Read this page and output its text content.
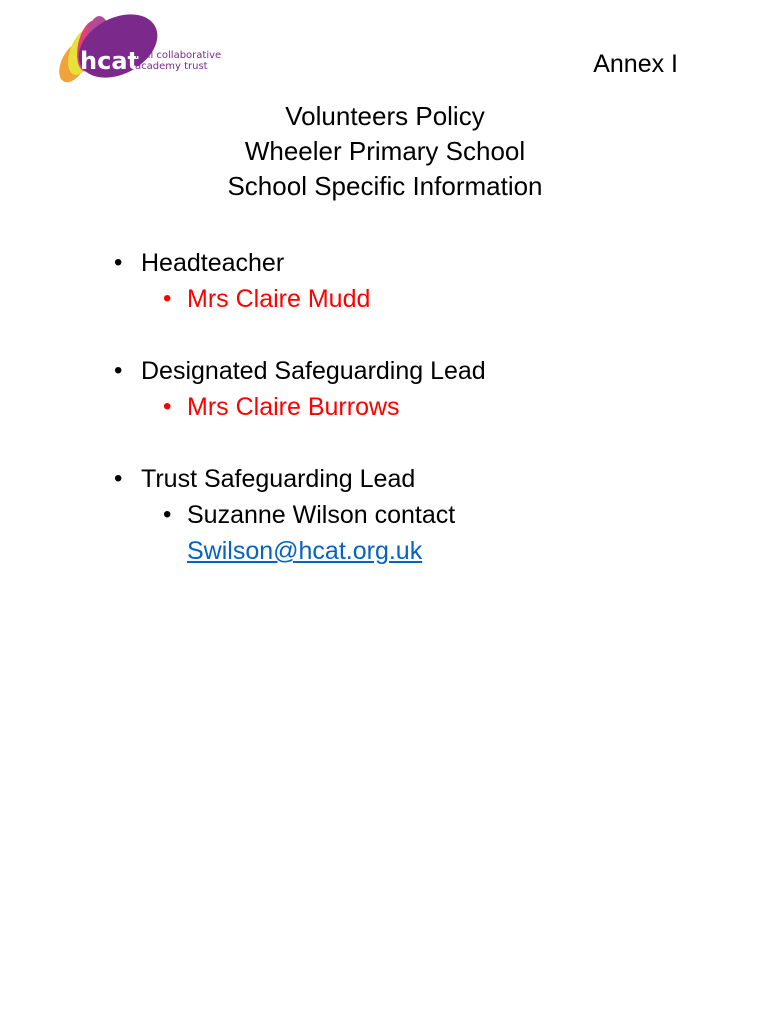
hcat
hull collaborative
academy trust	Annex I
Volunteers Policy
Wheeler Primary School
School Specific Information
• Headteacher
• Mrs Claire Mudd
• Designated Safeguarding Lead
• Mrs Claire Burrows
• Trust Safeguarding Lead
• Suzanne Wilson contact
Swilson@hcat.org.uk
